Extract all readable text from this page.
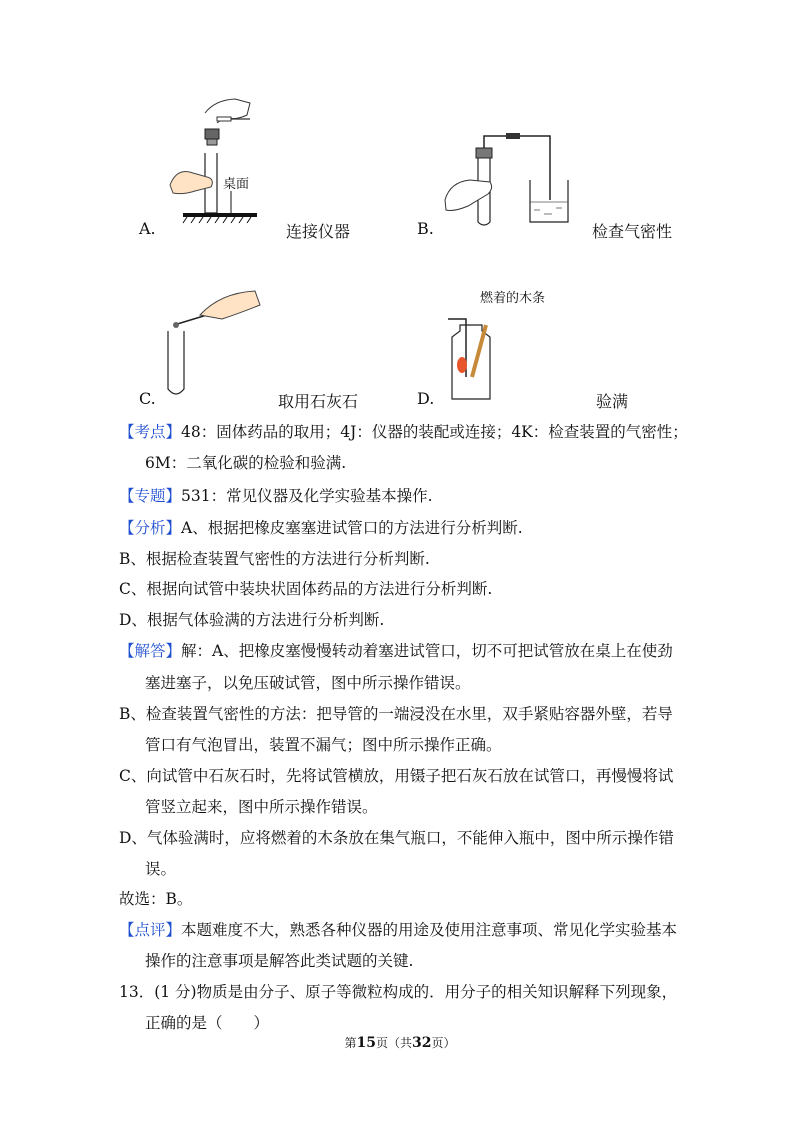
桌面
A.	连接仪器	B.	检查气密性
C.	取用石灰石
燃着的木条
D.	验满
【考点】48：固体药品的取用；4J：仪器的装配或连接；4K：检查装置的气密性；
6M：二氧化碳的检验和验满.
【专题】531：常见仪器及化学实验基本操作.
【分析】A、根据把橡皮塞塞进试管口的方法进行分析判断.
B、根据检查装置气密性的方法进行分析判断.
C、根据向试管中装块状固体药品的方法进行分析判断.
D、根据气体验满的方法进行分析判断.
【解答】解：A、把橡皮塞慢慢转动着塞进试管口，切不可把试管放在桌上在使劲
塞进塞子，以免压破试管，图中所示操作错误。
B、检查装置气密性的方法：把导管的一端浸没在水里，双手紧贴容器外壁，若导
管口有气泡冒出，装置不漏气；图中所示操作正确。
C、向试管中石灰石时，先将试管横放，用镊子把石灰石放在试管口，再慢慢将试
管竖立起来，图中所示操作错误。
D、气体验满时，应将燃着的木条放在集气瓶口，不能伸入瓶中，图中所示操作错
误。
故选：B。
【点评】本题难度不大，熟悉各种仪器的用途及使用注意事项、常见化学实验基本
操作的注意事项是解答此类试题的关键.
13．(1 分)物质是由分子、原子等微粒构成的．用分子的相关知识解释下列现象，
正确的是（　　）
第15页（共32页）
